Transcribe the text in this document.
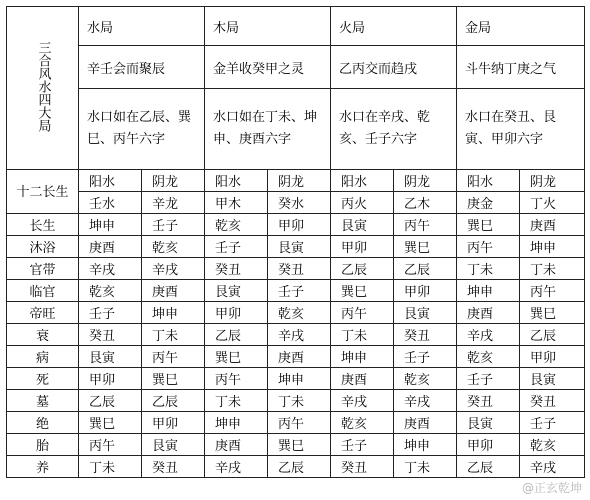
三合风水四大局	水局		木局		火局		金局	
	辛壬会而聚辰		金羊收癸甲之灵		乙丙交而趋戌		斗牛纳丁庚之气	
	水口如在乙辰、巽巳、丙午六字		水口如在丁未、坤申、庚酉六字		水口在辛戌、乾亥、壬子六字		水口在癸丑、艮寅、甲卯六字	
十二长生	阳水	阴龙	阳水	阴龙	阳水	阴龙	阳水	阴龙
	壬水	辛龙	甲木	癸水	丙火	乙木	庚金	丁火
长生	坤申	壬子	乾亥	甲卯	艮寅	丙午	巽巳	庚酉
沐浴	庚酉	乾亥	壬子	艮寅	甲卯	巽巳	丙午	坤申
官带	辛戌	辛戌	癸丑	癸丑	乙辰	乙辰	丁未	丁未
临官	乾亥	庚酉	艮寅	壬子	巽巳	甲卯	坤申	丙午
帝旺	壬子	坤申	甲卯	乾亥	丙午	艮寅	庚酉	巽巳
衰	癸丑	丁未	乙辰	辛戌	丁未	癸丑	辛戌	乙辰
病	艮寅	丙午	巽巳	庚酉	坤申	壬子	乾亥	甲卯
死	甲卯	巽巳	丙午	坤申	庚酉	乾亥	壬子	艮寅
墓	乙辰	乙辰	丁未	丁未	辛戌	辛戌	癸丑	癸丑
绝	巽巳	甲卯	坤申	丙午	乾亥	庚酉	艮寅	壬子
胎	丙午	艮寅	庚酉	巽巳	壬子	坤申	甲卯	乾亥
养	丁未	癸丑	辛戌	乙辰	癸丑	丁未	乙辰	辛戌
@正玄乾坤
